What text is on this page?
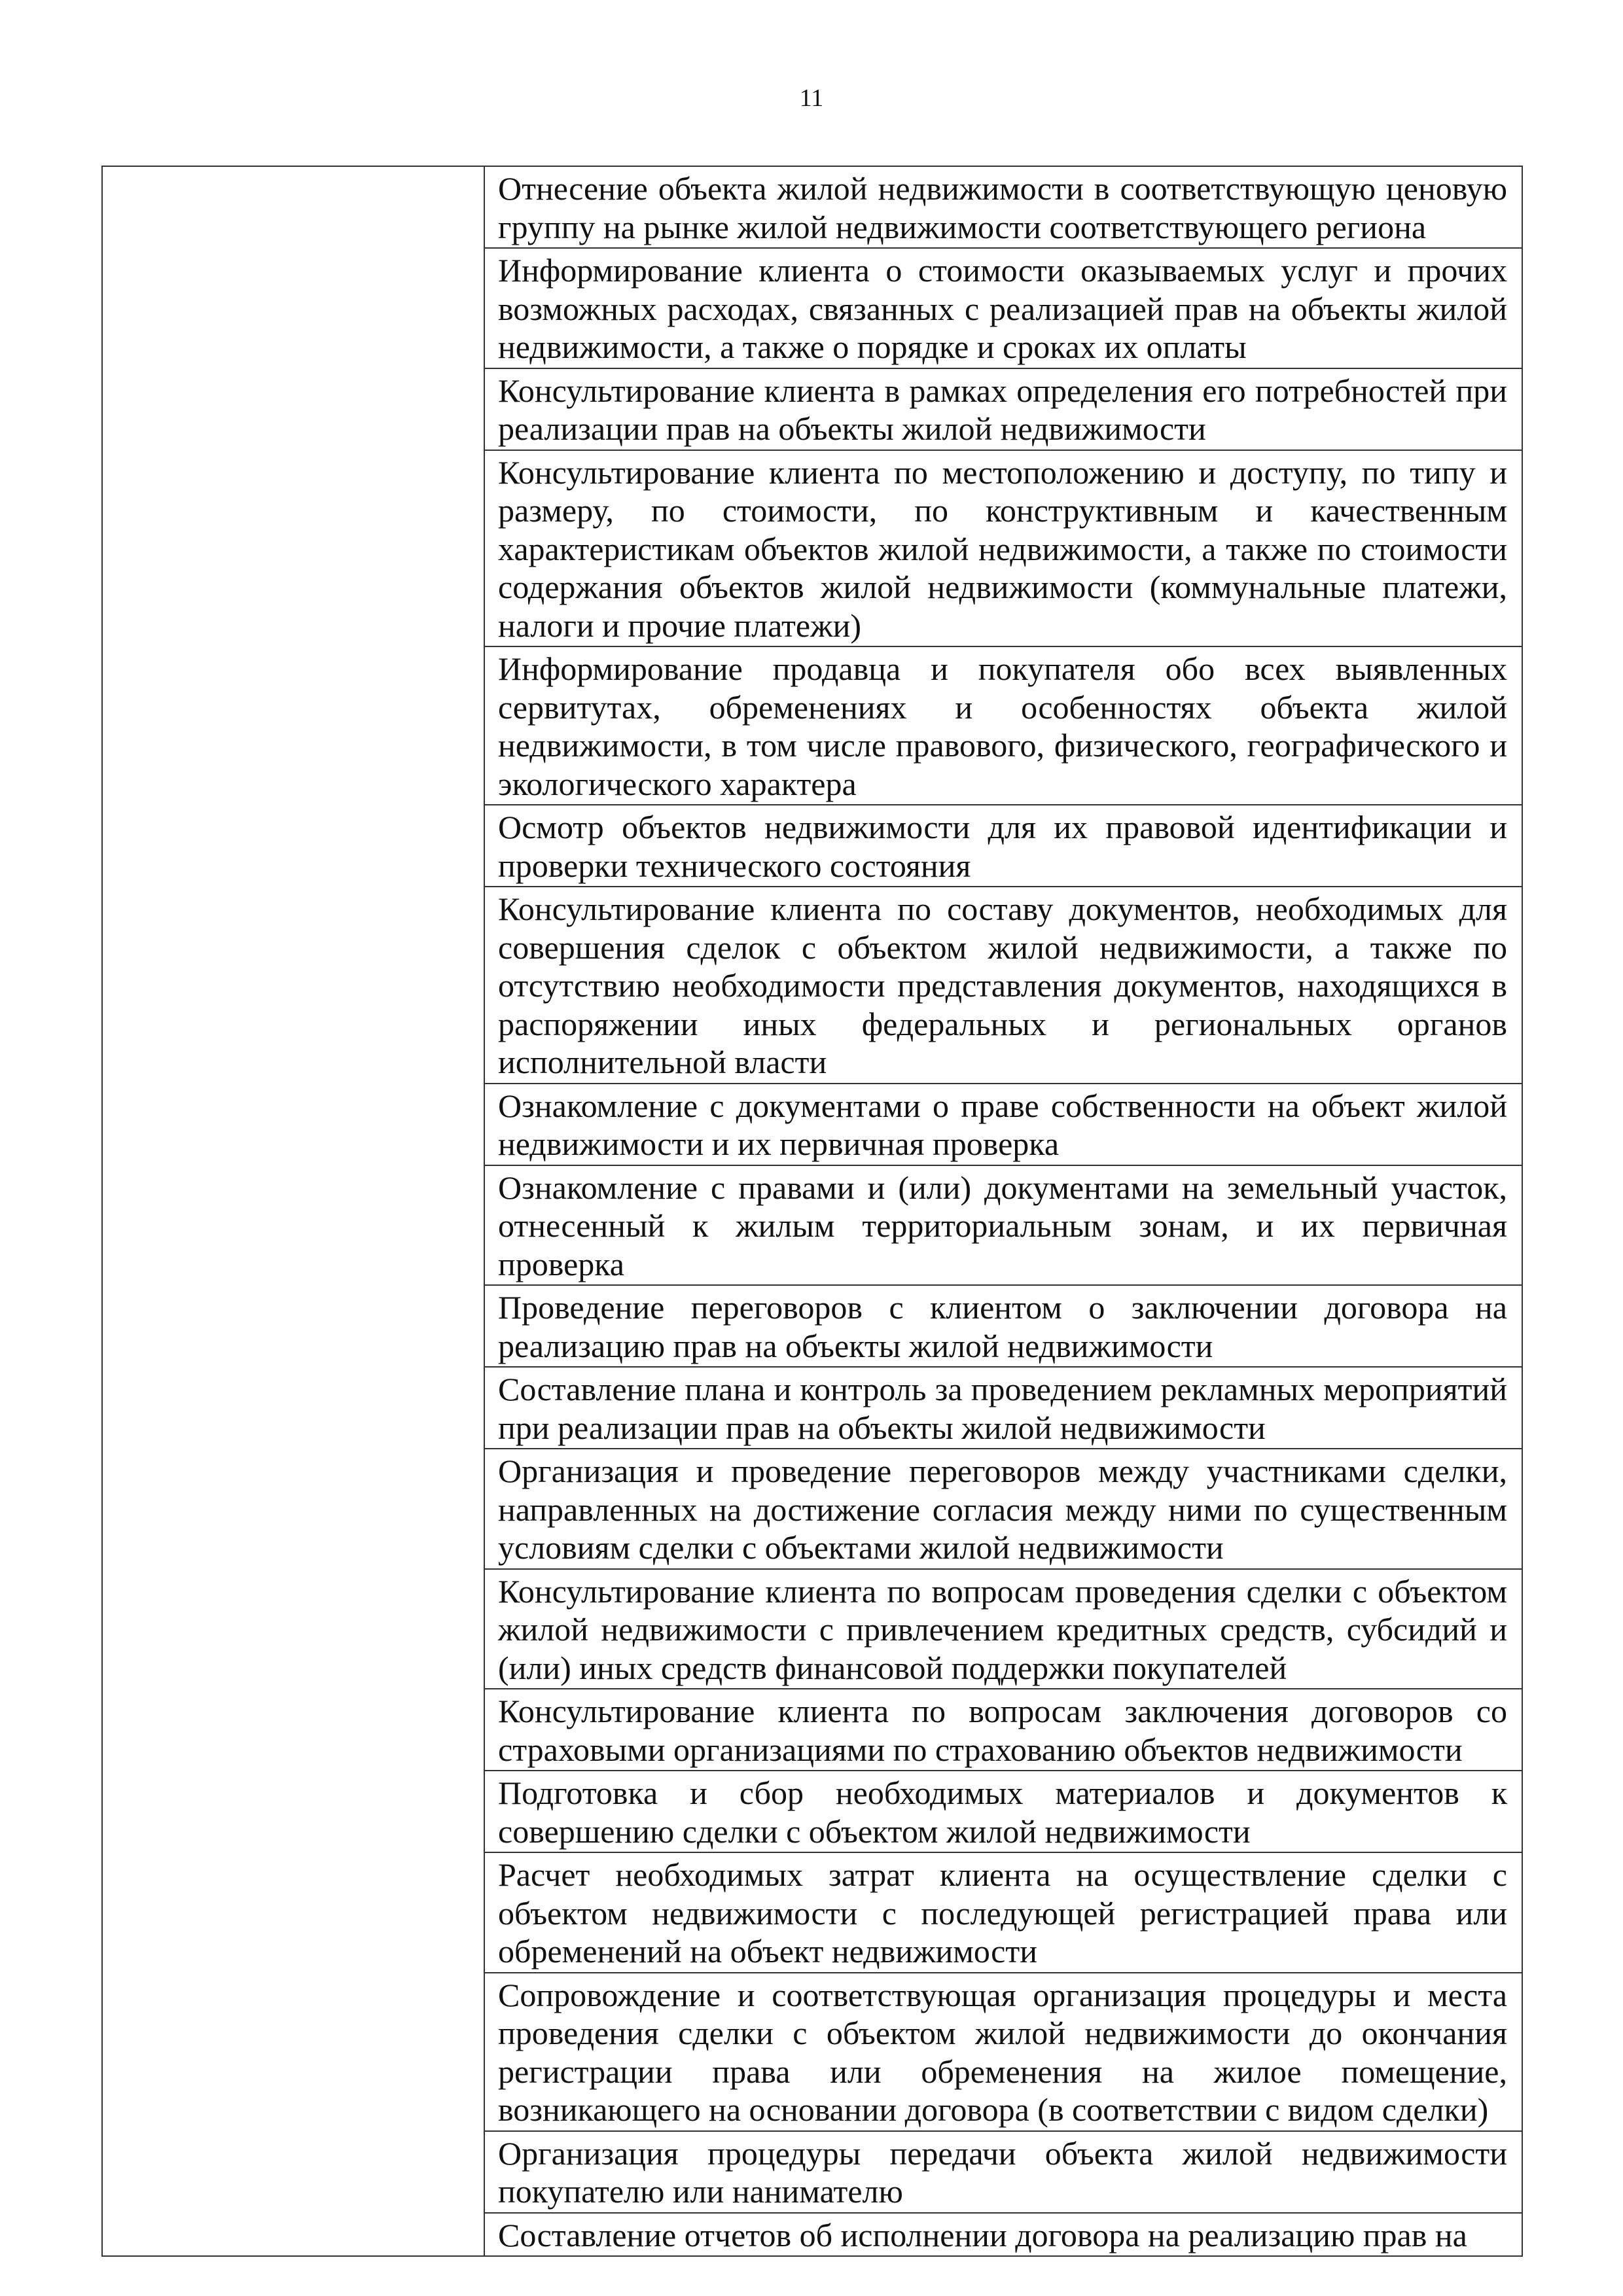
11
	Отнесение объекта жилой недвижимости в соответствующую ценовую группу на рынке жилой недвижимости соответствующего региона
Информирование клиента о стоимости оказываемых услуг и прочих возможных расходах, связанных с реализацией прав на объекты жилой недвижимости, а также о порядке и сроках их оплаты
Консультирование клиента в рамках определения его потребностей при реализации прав на объекты жилой недвижимости
Консультирование клиента по местоположению и доступу, по типу и размеру, по стоимости, по конструктивным и качественным характеристикам объектов жилой недвижимости, а также по стоимости содержания объектов жилой недвижимости (коммунальные платежи, налоги и прочие платежи)
Информирование продавца и покупателя обо всех выявленных сервитутах, обременениях и особенностях объекта жилой недвижимости, в том числе правового, физического, географического и экологического характера
Осмотр объектов недвижимости для их правовой идентификации и проверки технического состояния
Консультирование клиента по составу документов, необходимых для совершения сделок с объектом жилой недвижимости, а также по отсутствию необходимости представления документов, находящихся в распоряжении иных федеральных и региональных органов исполнительной власти
Ознакомление с документами о праве собственности на объект жилой недвижимости и их первичная проверка
Ознакомление с правами и (или) документами на земельный участок, отнесенный к жилым территориальным зонам, и их первичная проверка
Проведение переговоров с клиентом о заключении договора на реализацию прав на объекты жилой недвижимости
Составление плана и контроль за проведением рекламных мероприятий при реализации прав на объекты жилой недвижимости
Организация и проведение переговоров между участниками сделки, направленных на достижение согласия между ними по существенным условиям сделки с объектами жилой недвижимости
Консультирование клиента по вопросам проведения сделки с объектом жилой недвижимости с привлечением кредитных средств, субсидий и (или) иных средств финансовой поддержки покупателей
Консультирование клиента по вопросам заключения договоров со страховыми организациями по страхованию объектов недвижимости
Подготовка и сбор необходимых материалов и документов к совершению сделки с объектом жилой недвижимости
Расчет необходимых затрат клиента на осуществление сделки с объектом недвижимости с последующей регистрацией права или обременений на объект недвижимости
Сопровождение и соответствующая организация процедуры и места проведения сделки с объектом жилой недвижимости до окончания регистрации права или обременения на жилое помещение, возникающего на основании договора (в соответствии с видом сделки)
Организация процедуры передачи объекта жилой недвижимости покупателю или нанимателю
Составление отчетов об исполнении договора на реализацию прав на
